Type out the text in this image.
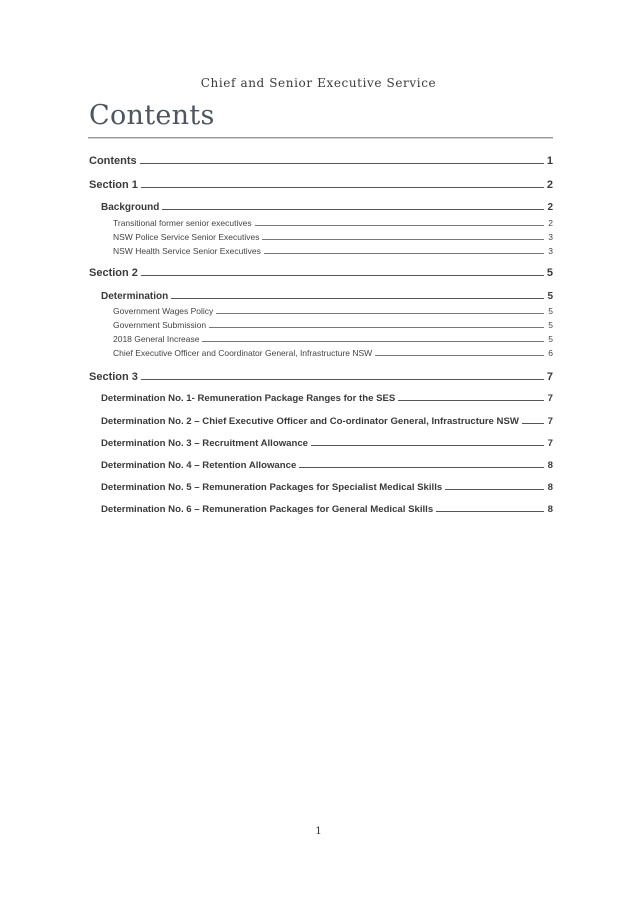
Chief and Senior Executive Service
Contents
Contents	1
Section 1	2
Background	2
Transitional former senior executives	2
NSW Police Service Senior Executives	3
NSW Health Service Senior Executives	3
Section 2	5
Determination	5
Government Wages Policy	5
Government Submission	5
2018 General Increase	5
Chief Executive Officer and Coordinator General, Infrastructure NSW	6
Section 3	7
Determination No. 1- Remuneration Package Ranges for the SES	7
Determination No. 2 – Chief Executive Officer and Co-ordinator General, Infrastructure NSW	7
Determination No. 3 – Recruitment Allowance	7
Determination No. 4 – Retention Allowance	8
Determination No. 5 – Remuneration Packages for Specialist Medical Skills	8
Determination No. 6 – Remuneration Packages for General Medical Skills	8
1
